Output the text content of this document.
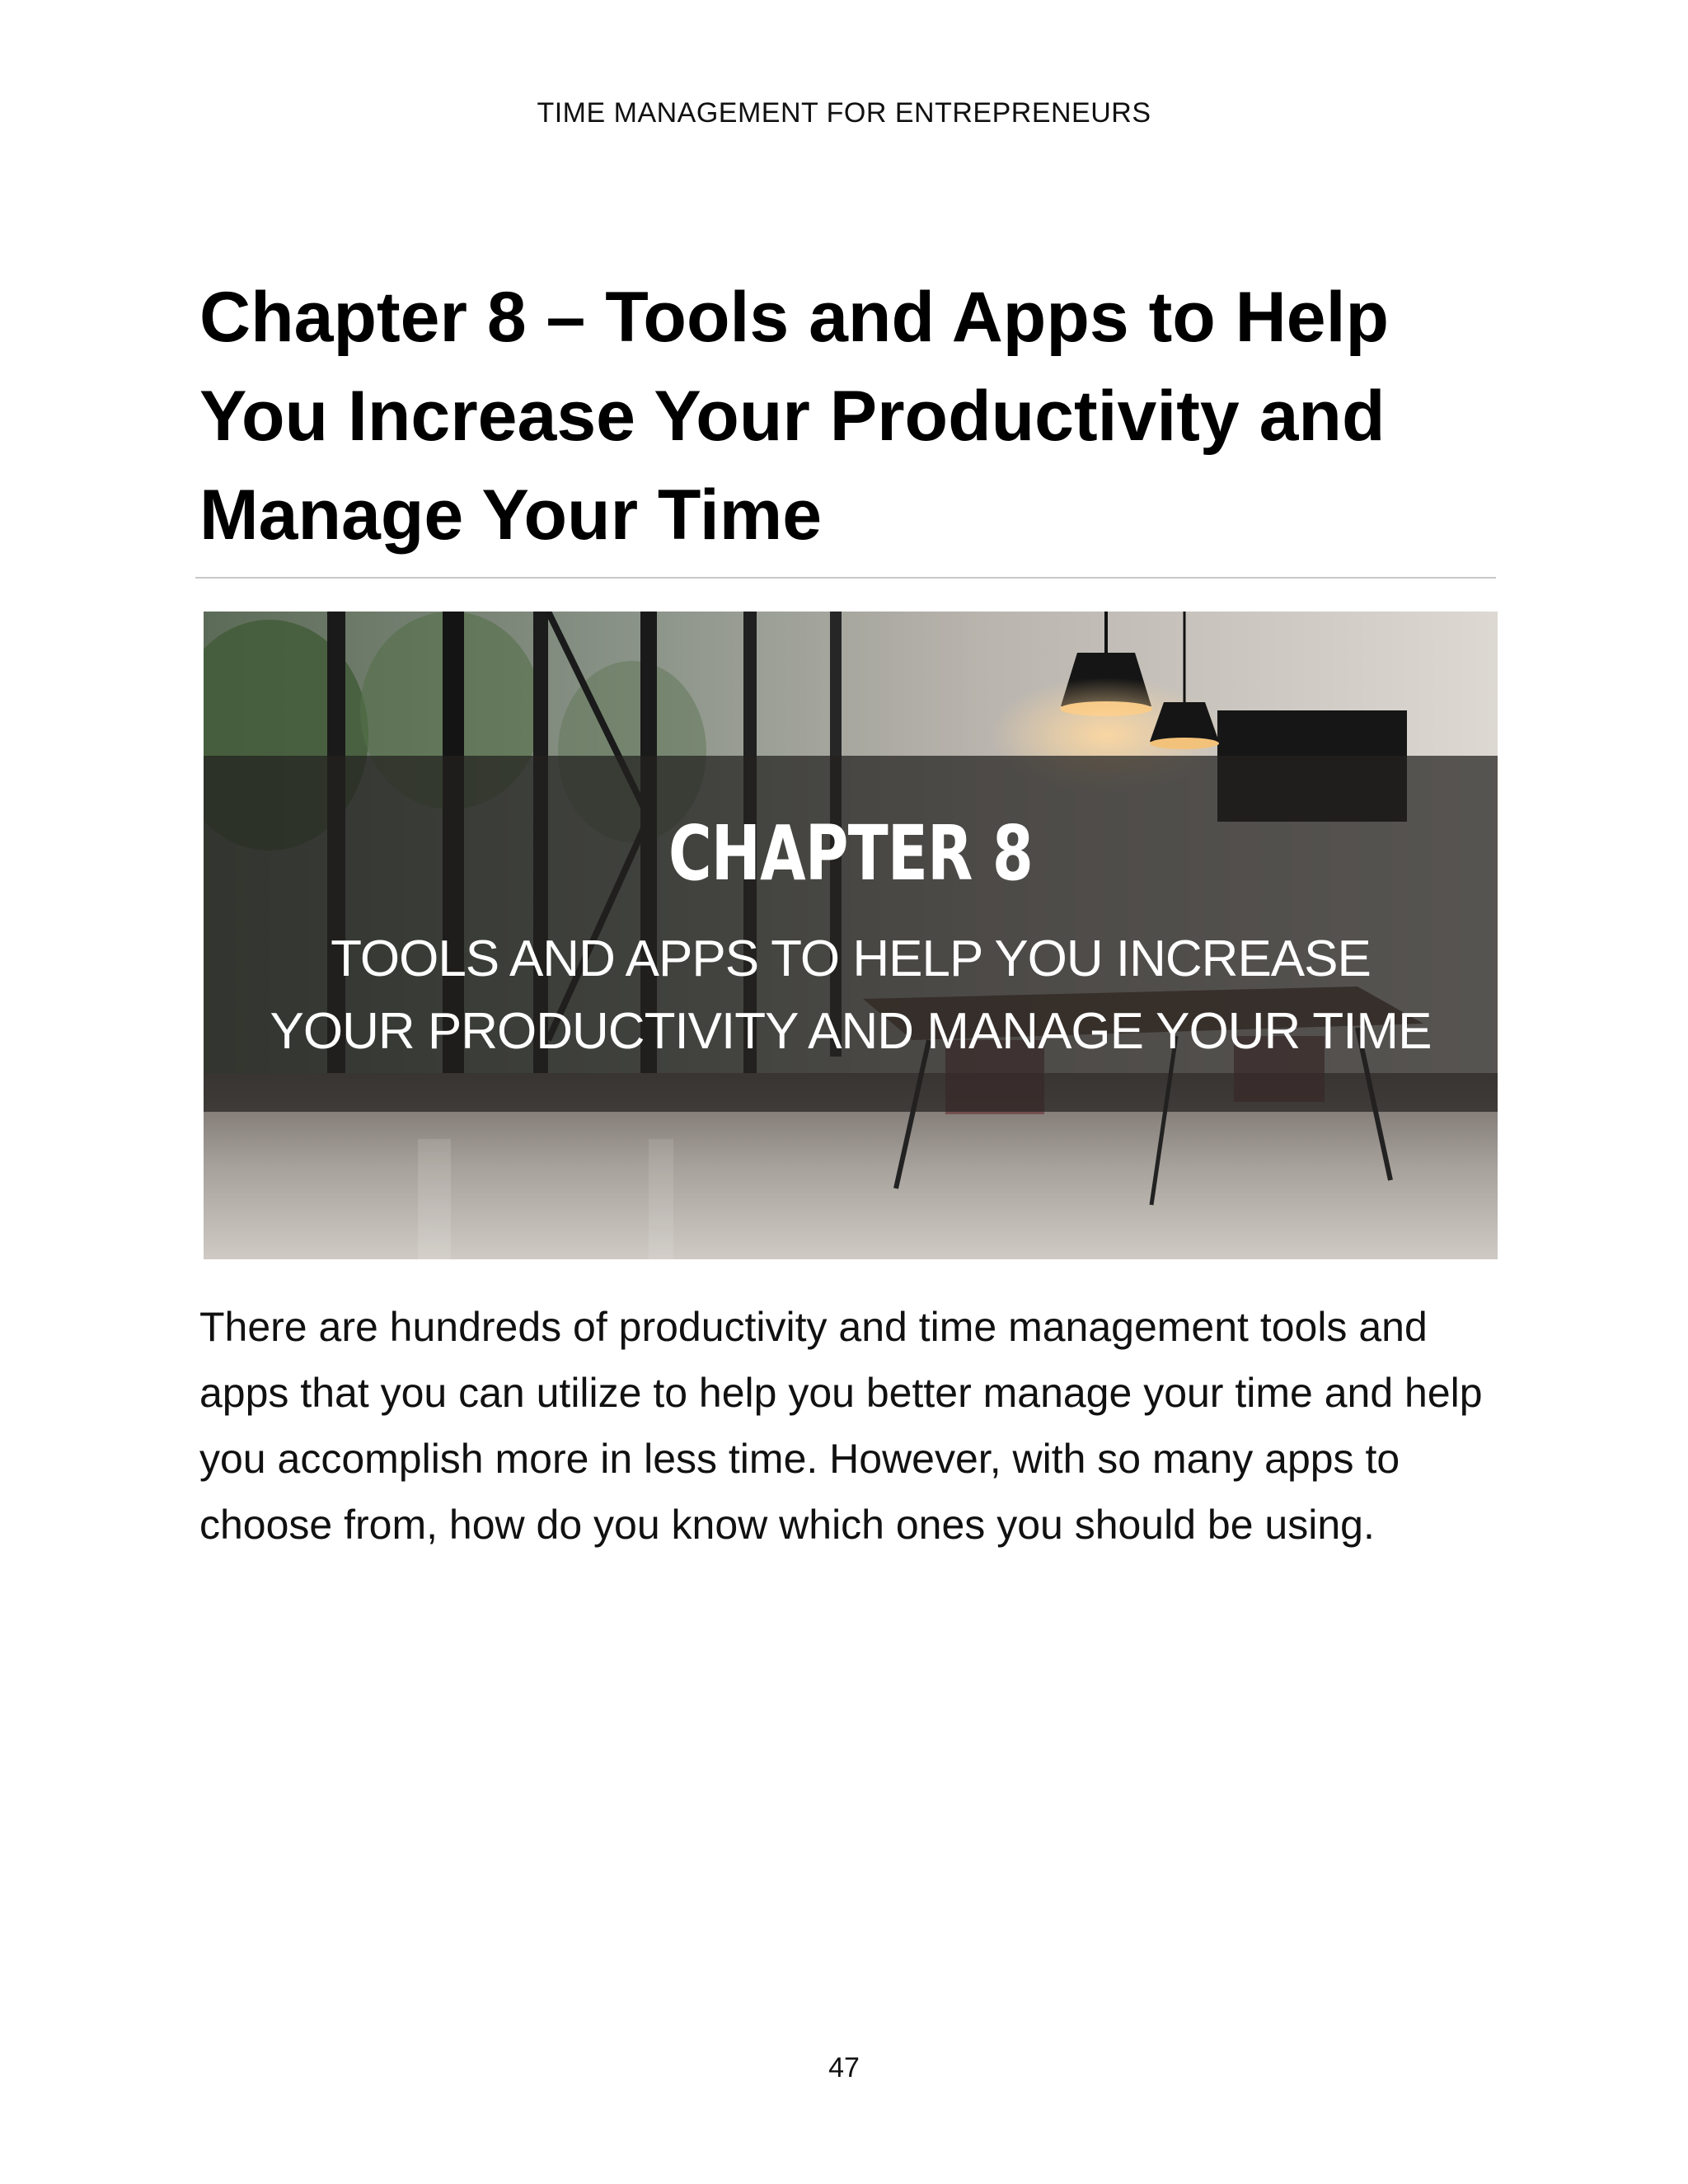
TIME MANAGEMENT FOR ENTREPRENEURS
Chapter 8 – Tools and Apps to Help You Increase Your Productivity and Manage Your Time
CHAPTER 8
TOOLS AND APPS TO HELP YOU INCREASE
YOUR PRODUCTIVITY AND MANAGE YOUR TIME

There are hundreds of productivity and time management tools and apps that you can utilize to help you better manage your time and help you accomplish more in less time. However, with so many apps to choose from, how do you know which ones you should be using.

47
